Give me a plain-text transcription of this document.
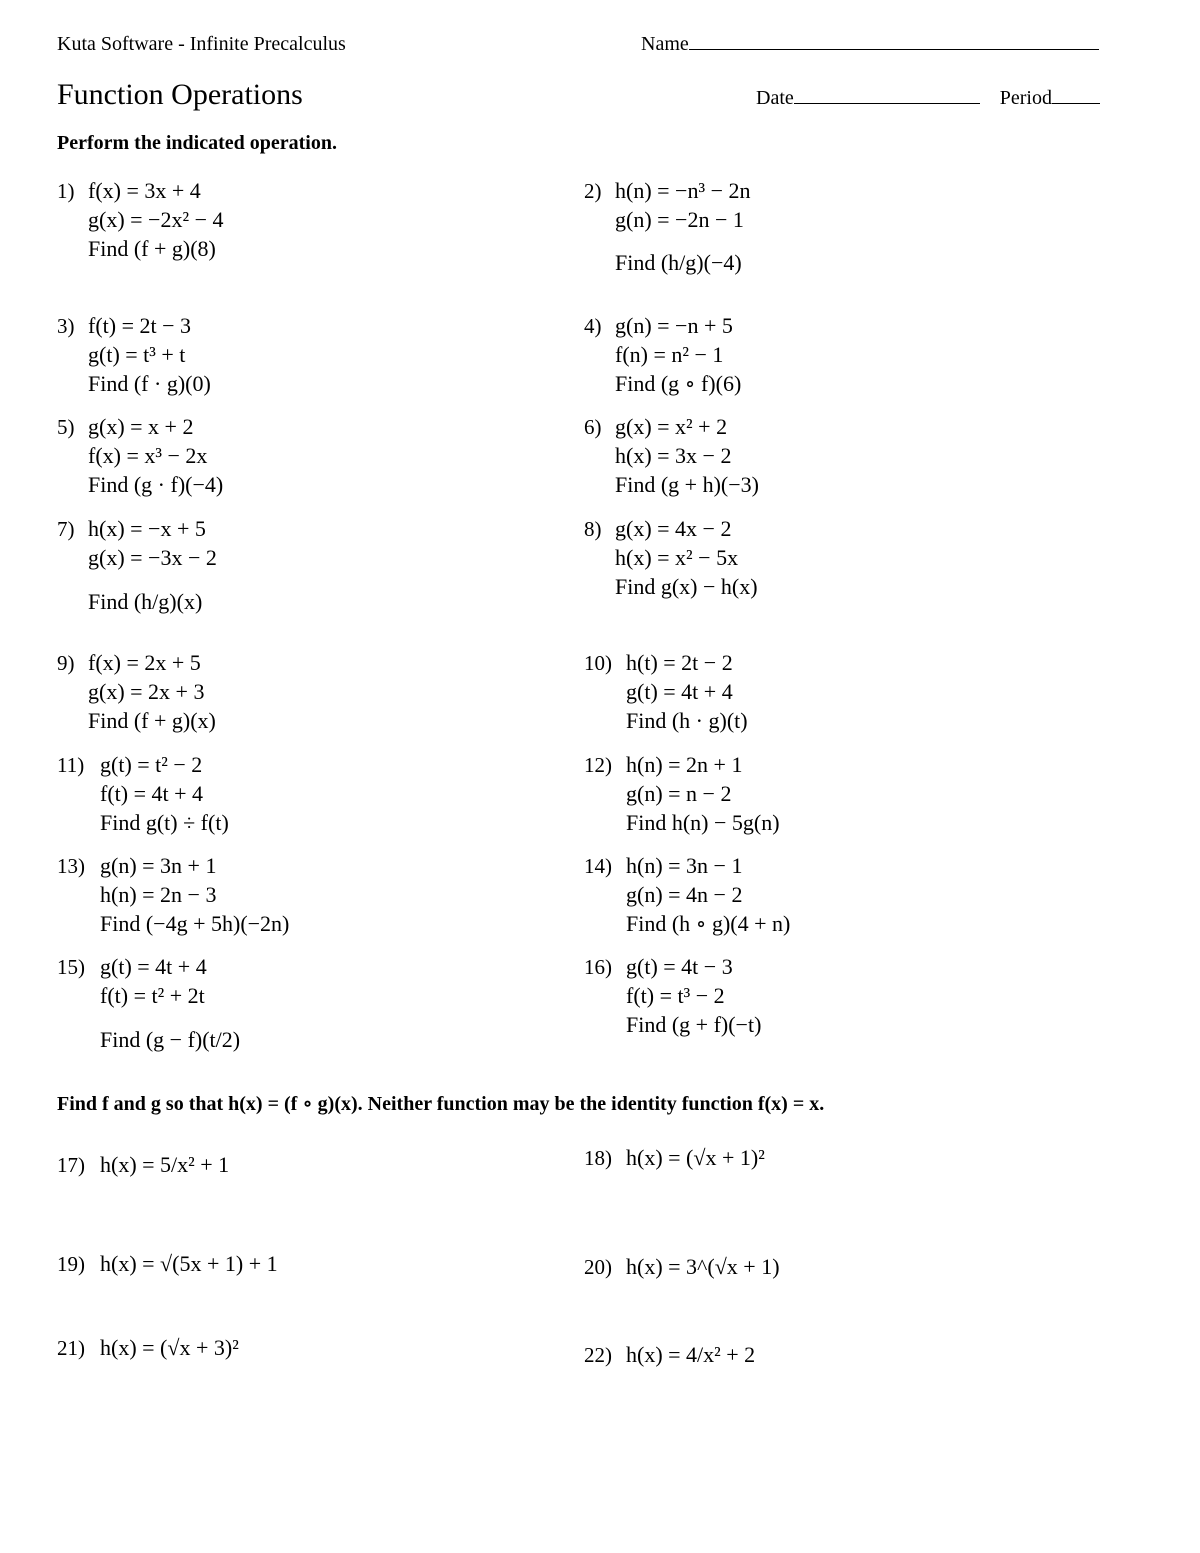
Kuta Software - Infinite Precalculus	Name
Function Operations	Date	Period
Perform the indicated operation.
1) f(x) = 3x + 4
g(x) = −2x² − 4
Find (f + g)(8)
2) h(n) = −n³ − 2n
g(n) = −2n − 1
Find (h/g)(−4)
3) f(t) = 2t − 3
g(t) = t³ + t
Find (f · g)(0)
4) g(n) = −n + 5
f(n) = n² − 1
Find (g ∘ f)(6)
5) g(x) = x + 2
f(x) = x³ − 2x
Find (g · f)(−4)
6) g(x) = x² + 2
h(x) = 3x − 2
Find (g + h)(−3)
7) h(x) = −x + 5
g(x) = −3x − 2
Find (h/g)(x)
8) g(x) = 4x − 2
h(x) = x² − 5x
Find g(x) − h(x)
9) f(x) = 2x + 5
g(x) = 2x + 3
Find (f + g)(x)
10) h(t) = 2t − 2
g(t) = 4t + 4
Find (h · g)(t)
11) g(t) = t² − 2
f(t) = 4t + 4
Find g(t) ÷ f(t)
12) h(n) = 2n + 1
g(n) = n − 2
Find h(n) − 5g(n)
13) g(n) = 3n + 1
h(n) = 2n − 3
Find (−4g + 5h)(−2n)
14) h(n) = 3n − 1
g(n) = 4n − 2
Find (h ∘ g)(4 + n)
15) g(t) = 4t + 4
f(t) = t² + 2t
Find (g − f)(t/2)
16) g(t) = 4t − 3
f(t) = t³ − 2
Find (g + f)(−t)
Find f and g so that h(x) = (f ∘ g)(x). Neither function may be the identity function f(x) = x.
17) h(x) = 5/x² + 1	18) h(x) = (√x + 1)²
19) h(x) = √(5x + 1) + 1	20) h(x) = 3^(√x + 1)
21) h(x) = (√x + 3)²	22) h(x) = 4/x² + 2
